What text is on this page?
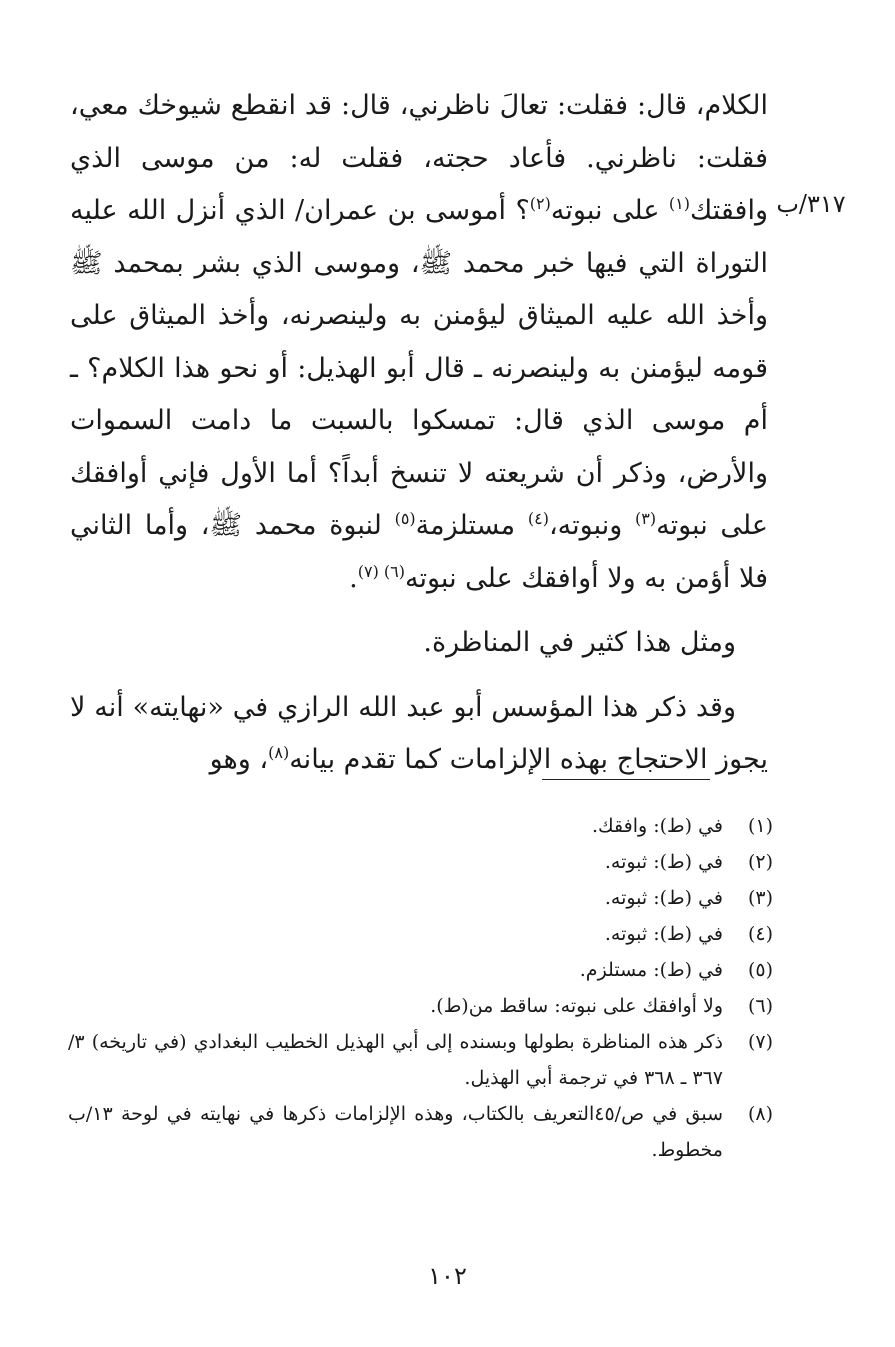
٣١٧/ب

الكلام، قال: فقلت: تعالَ ناظرني، قال: قد انقطع شيوخك معي، فقلت: ناظرني. فأعاد حجته، فقلت له: من موسى الذي وافقتك$^{(١)}$ على نبوته$^{(٢)}$؟ أموسى بن عمران/ الذي أنزل الله عليه التوراة التي فيها خبر محمد ﷺ، وموسى الذي بشر بمحمد ﷺ وأخذ الله عليه الميثاق ليؤمنن به ولينصرنه، وأخذ الميثاق على قومه ليؤمنن به ولينصرنه ـ قال أبو الهذيل: أو نحو هذا الكلام؟ ـ أم موسى الذي قال: تمسكوا بالسبت ما دامت السموات والأرض، وذكر أن شريعته لا تنسخ أبداً؟ أما الأول فإني أوافقك على نبوته$^{(٣)}$ ونبوته،$^{(٤)}$ مستلزمة$^{(٥)}$ لنبوة محمد ﷺ، وأما الثاني فلا أؤمن به ولا أوافقك على نبوته$^{(٦) (٧)}$.

ومثل هذا كثير في المناظرة.

وقد ذكر هذا المؤسس أبو عبد الله الرازي في «نهايته» أنه لا يجوز الاحتجاج بهذه الإلزامات كما تقدم بيانه$^{(٨)}$، وهو

(١)
في (ط): وافقك.
(٢)
في (ط): ثبوته.
(٣)
في (ط): ثبوته.
(٤)
في (ط): ثبوته.
(٥)
في (ط): مستلزم.
(٦)
ولا أوافقك على نبوته: ساقط من(ط).
(٧)
ذكر هذه المناظرة بطولها وبسنده إلى أبي الهذيل الخطيب البغدادي (في تاريخه) ٣/ ٣٦٧ ـ ٣٦٨ في ترجمة أبي الهذيل.
(٨)
سبق في ص/٤٥التعريف بالكتاب، وهذه الإلزامات ذكرها في نهايته في لوحة ١٣/ب مخطوط.
١٠٢
